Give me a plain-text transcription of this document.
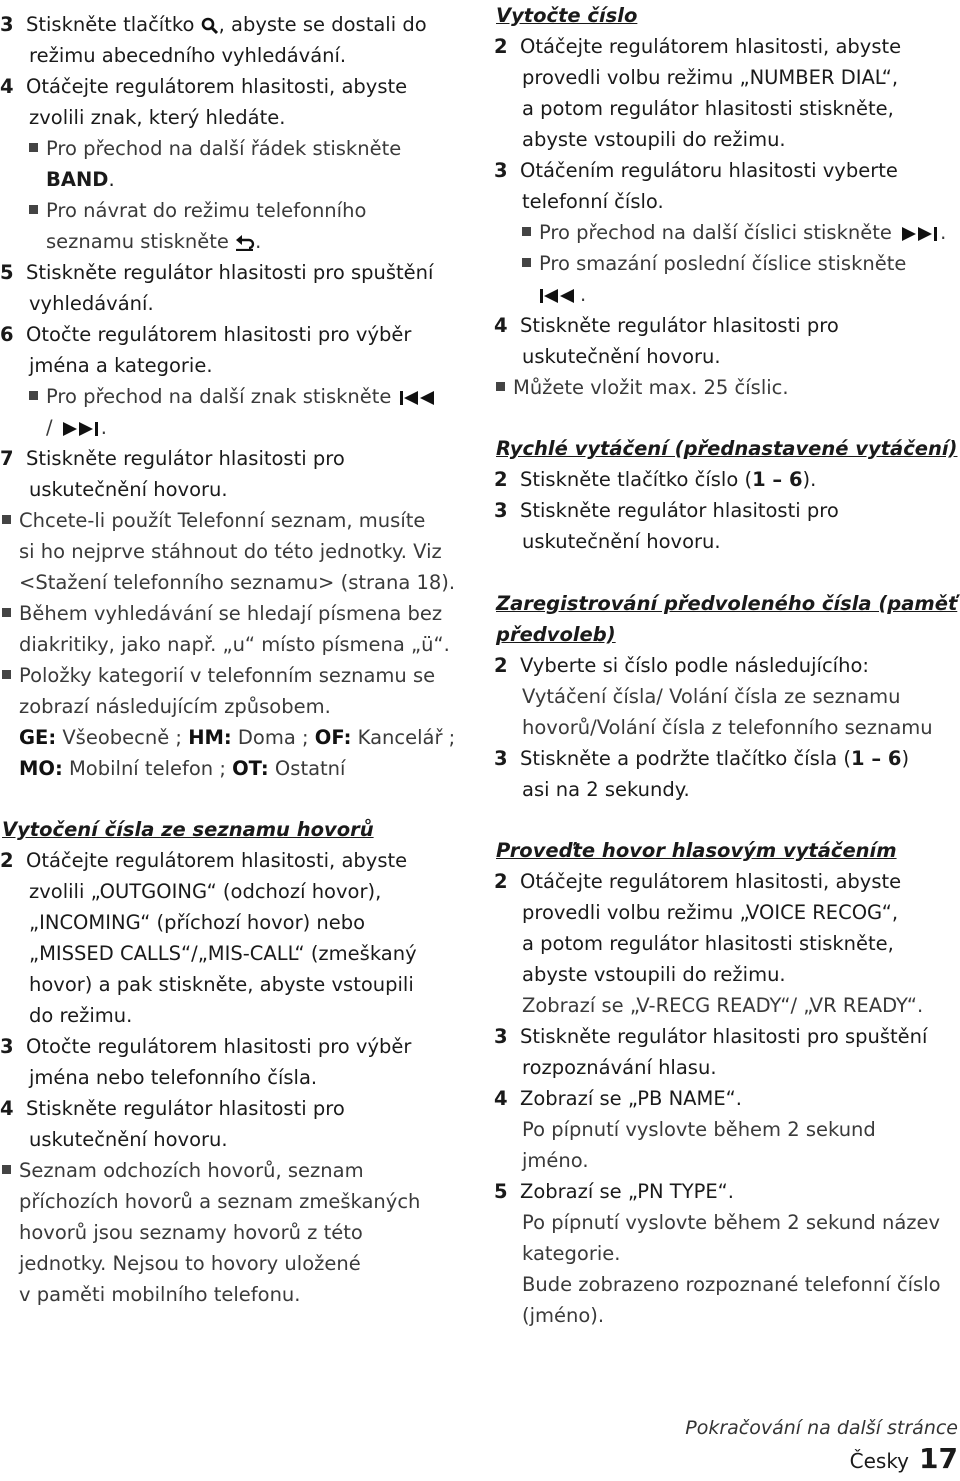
3 Stiskněte tlačítko , abyste se dostali do
režimu abecedního vyhledávání.
4 Otáčejte regulátorem hlasitosti, abyste
zvolili znak, který hledáte.
Pro přechod na další řádek stiskněte
BAND.
Pro návrat do režimu telefonního
seznamu stiskněte .
5 Stiskněte regulátor hlasitosti pro spuštění
vyhledávání.
6 Otočte regulátorem hlasitosti pro výběr
jména a kategorie.
Pro přechod na další znak stiskněte
/ .
7 Stiskněte regulátor hlasitosti pro
uskutečnění hovoru.
Chcete-li použít Telefonní seznam, musíte
si ho nejprve stáhnout do této jednotky. Viz
<Stažení telefonního seznamu> (strana 18).
Během vyhledávání se hledají písmena bez
diakritiky, jako např. „u“ místo písmena „ü“.
Položky kategorií v telefonním seznamu se
zobrazí následujícím způsobem.
GE: Všeobecně ; HM: Doma ; OF: Kancelář ;
MO: Mobilní telefon ; OT: Ostatní
Vytočení čísla ze seznamu hovorů
2 Otáčejte regulátorem hlasitosti, abyste
zvolili „OUTGOING“ (odchozí hovor),
„INCOMING“ (příchozí hovor) nebo
„MISSED CALLS“/„MIS-CALL“ (zmeškaný
hovor) a pak stiskněte, abyste vstoupili
do režimu.
3 Otočte regulátorem hlasitosti pro výběr
jména nebo telefonního čísla.
4 Stiskněte regulátor hlasitosti pro
uskutečnění hovoru.
Seznam odchozích hovorů, seznam
příchozích hovorů a seznam zmeškaných
hovorů jsou seznamy hovorů z této
jednotky. Nejsou to hovory uložené
v paměti mobilního telefonu.
Vytočte číslo
2 Otáčejte regulátorem hlasitosti, abyste
provedli volbu režimu „NUMBER DIAL“,
a potom regulátor hlasitosti stiskněte,
abyste vstoupili do režimu.
3 Otáčením regulátoru hlasitosti vyberte
telefonní číslo.
Pro přechod na další číslici stiskněte .
Pro smazání poslední číslice stiskněte
.
4 Stiskněte regulátor hlasitosti pro
uskutečnění hovoru.
Můžete vložit max. 25 číslic.
Rychlé vytáčení (přednastavené vytáčení)
2 Stiskněte tlačítko číslo (1 – 6).
3 Stiskněte regulátor hlasitosti pro
uskutečnění hovoru.
Zaregistrování předvoleného čísla (paměť
předvoleb)
2 Vyberte si číslo podle následujícího:
Vytáčení čísla/ Volání čísla ze seznamu
hovorů/Volání čísla z telefonního seznamu
3 Stiskněte a podržte tlačítko čísla (1 – 6)
asi na 2 sekundy.
Proveďte hovor hlasovým vytáčením
2 Otáčejte regulátorem hlasitosti, abyste
provedli volbu režimu „VOICE RECOG“,
a potom regulátor hlasitosti stiskněte,
abyste vstoupili do režimu.
Zobrazí se „V-RECG READY“/ „VR READY“.
3 Stiskněte regulátor hlasitosti pro spuštění
rozpoznávání hlasu.
4 Zobrazí se „PB NAME“.
Po pípnutí vyslovte během 2 sekund
jméno.
5 Zobrazí se „PN TYPE“.
Po pípnutí vyslovte během 2 sekund název
kategorie.
Bude zobrazeno rozpoznané telefonní číslo
(jméno).
Pokračování na další stránce
Česky 17
